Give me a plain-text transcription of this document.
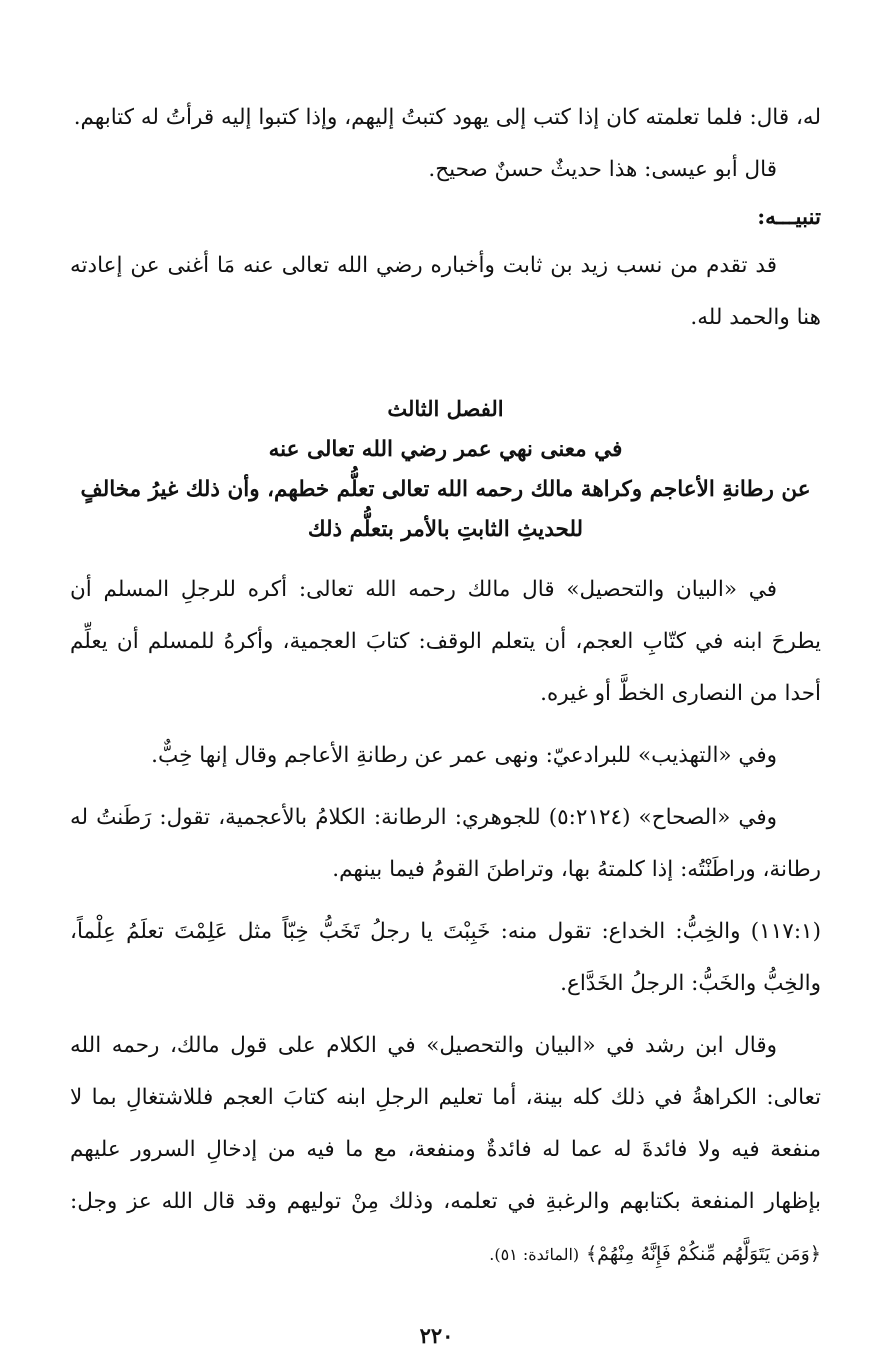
له، قال: فلما تعلمته كان إذا كتب إلى يهود كتبتُ إليهم، وإذا كتبوا إليه قرأتُ له كتابهم.

قال أبو عيسى: هذا حديثٌ حسنٌ صحيح.

تنبيـــه:

قد تقدم من نسب زيد بن ثابت وأخباره رضي الله تعالى عنه مَا أغنى عن إعادته هنا والحمد لله.

الفصل الثالث
في معنى نهي عمر رضي الله تعالى عنه
عن رطانةِ الأعاجم وكراهة مالك رحمه الله تعالى تعلُّم خطهم، وأن ذلك غيرُ مخالفٍ للحديثِ الثابتِ بالأمر بتعلُّم ذلك

في «البيان والتحصيل» قال مالك رحمه الله تعالى: أكره للرجلِ المسلم أن يطرحَ ابنه في كتّابِ العجم، أن يتعلم الوقف: كتابَ العجمية، وأكرهُ للمسلم أن يعلِّم أحدا من النصارى الخطَّ أو غيره.

وفي «التهذيب» للبرادعيّ: ونهى عمر عن رطانةِ الأعاجم وقال إنها خِبٌّ.

وفي «الصحاح» (٥:٢١٢٤) للجوهري: الرطانة: الكلامُ بالأعجمية، تقول: رَطَنتُ له رطانة، وراطَنْتُه: إذا كلمتهُ بها، وتراطنَ القومُ فيما بينهم.

(١١٧:١) والخِبُّ: الخداع: تقول منه: خَبِبْتَ يا رجلُ تَخَبُّ خِبّاً مثل عَلِمْتَ تعلَمُ عِلْماً، والخِبُّ والخَبُّ: الرجلُ الخَدَّاع.

وقال ابن رشد في «البيان والتحصيل» في الكلام على قول مالك، رحمه الله تعالى: الكراهةُ في ذلك كله بينة، أما تعليم الرجلِ ابنه كتابَ العجم فللاشتغالِ بما لا منفعة فيه ولا فائدةَ له عما له فائدةٌ ومنفعة، مع ما فيه من إدخالِ السرور عليهم بإظهار المنفعة بكتابهم والرغبةِ في تعلمه، وذلك مِنْ توليهم وقد قال الله عز وجل: ﴿وَمَن يَتَوَلَّهُم مِّنكُمْ فَإِنَّهُ مِنْهُمْ﴾ (المائدة: ٥١).

٢٢٠
